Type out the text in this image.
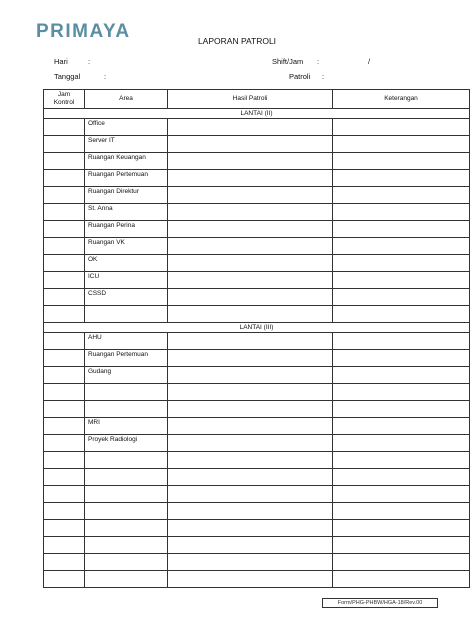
PRIMAYA	LAPORAN PATROLI
Hari	:
Tanggal	:
Shift/Jam :	/
Patroli :
Jam Kontrol	Area	Hasil Patroli	Keterangan
LANTAI (II)			
	Office		
	Server IT		
	Ruangan Keuangan		
	Ruangan Pertemuan		
	Ruangan Direktur		
	St. Anna		
	Ruangan Perina		
	Ruangan VK		
	OK		
	ICU		
	CSSD		

LANTAI (III)			
	AHU		
	Ruangan Pertemuan		
	Gudang		

	MRI		
	Proyek Radiologi		

Form/PHG-PHBW/HGA-18/Rev.00
